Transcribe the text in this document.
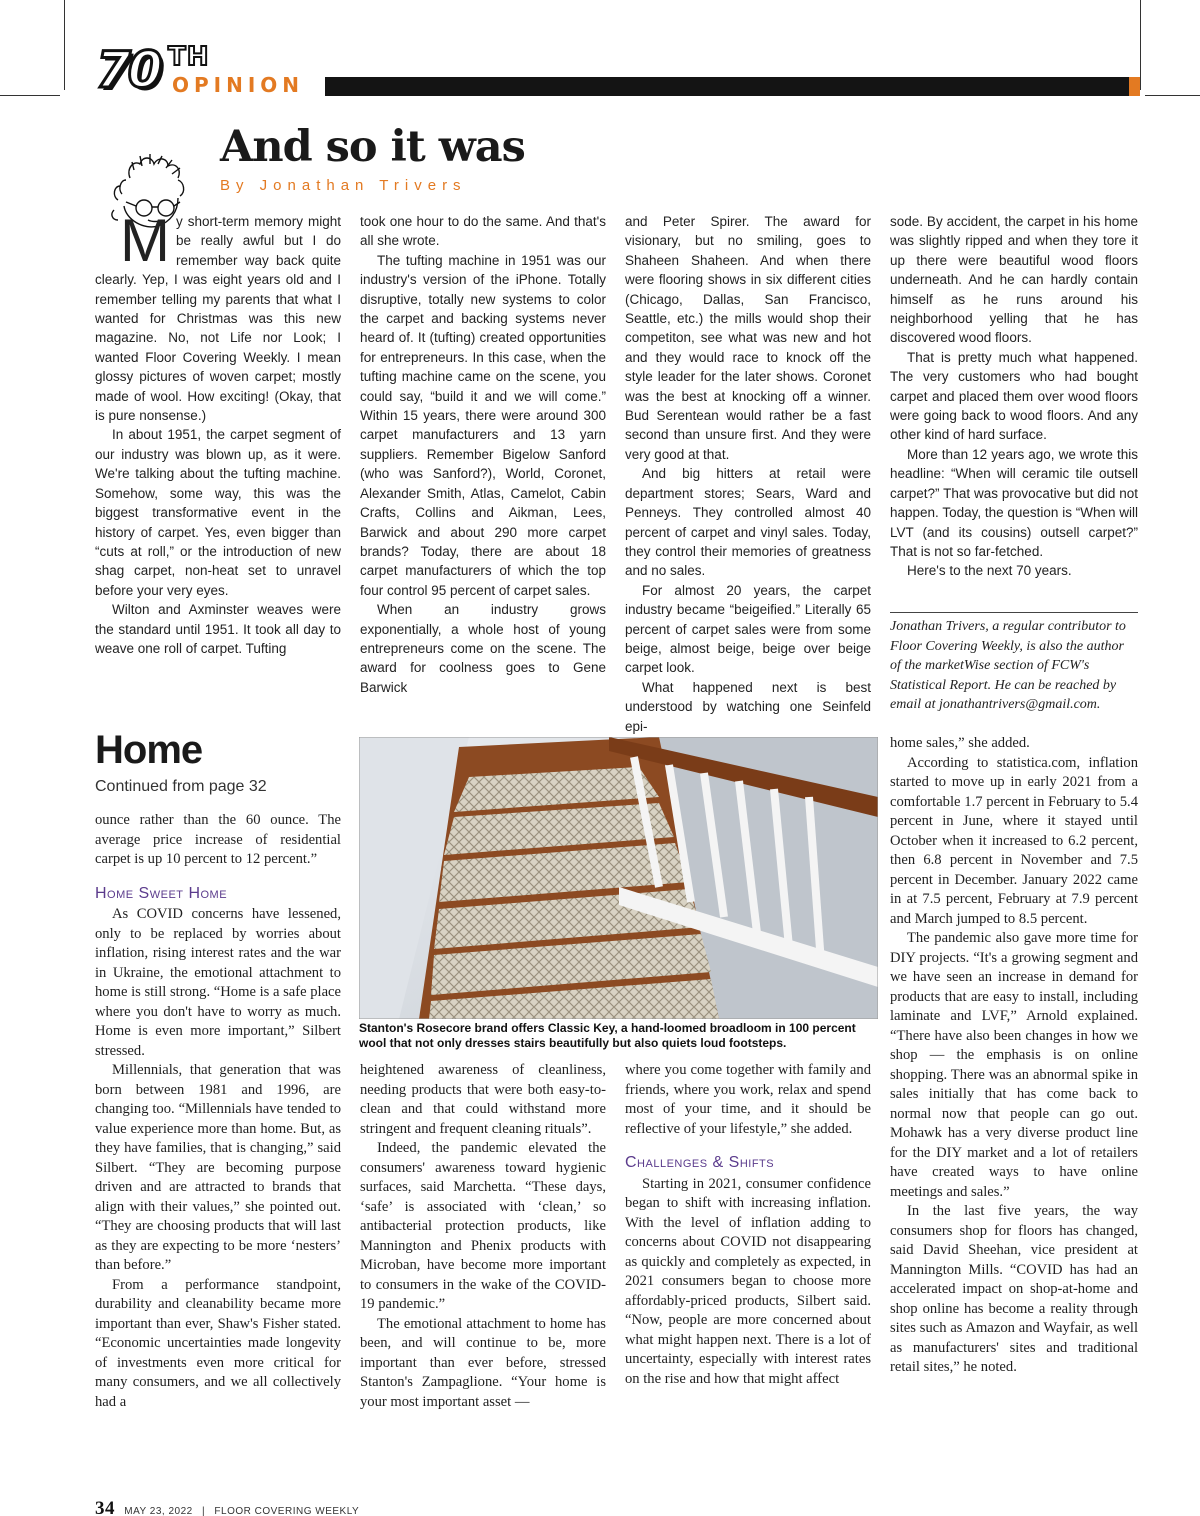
70 TH
OPINION
And so it was
By Jonathan Trivers
My short-term memory might be really awful but I do remember way back quite clearly. Yep, I was eight years old and I remember telling my parents that what I wanted for Christmas was this new magazine. No, not Life nor Look; I wanted Floor Covering Weekly. I mean glossy pictures of woven carpet; mostly made of wool. How exciting! (Okay, that is pure nonsense.)

In about 1951, the carpet segment of our industry was blown up, as it were. We're talking about the tufting machine. Somehow, some way, this was the biggest transformative event in the history of carpet. Yes, even bigger than “cuts at roll,” or the introduction of new shag carpet, non-heat set to unravel before your very eyes.

Wilton and Axminster weaves were the standard until 1951. It took all day to weave one roll of carpet. Tufting

took one hour to do the same. And that's all she wrote.

The tufting machine in 1951 was our industry's version of the iPhone. Totally disruptive, totally new systems to color the carpet and backing systems never heard of. It (tufting) created opportunities for entrepreneurs. In this case, when the tufting machine came on the scene, you could say, “build it and we will come.” Within 15 years, there were around 300 carpet manufacturers and 13 yarn suppliers. Remember Bigelow Sanford (who was Sanford?), World, Coronet, Alexander Smith, Atlas, Camelot, Cabin Crafts, Collins and Aikman, Lees, Barwick and about 290 more carpet brands? Today, there are about 18 carpet manufacturers of which the top four control 95 percent of carpet sales.

When an industry grows exponentially, a whole host of young entrepreneurs come on the scene. The award for coolness goes to Gene Barwick

and Peter Spirer. The award for visionary, but no smiling, goes to Shaheen Shaheen. And when there were flooring shows in six different cities (Chicago, Dallas, San Francisco, Seattle, etc.) the mills would shop their competiton, see what was new and hot and they would race to knock off the style leader for the later shows. Coronet was the best at knocking off a winner. Bud Serentean would rather be a fast second than unsure first. And they were very good at that.

And big hitters at retail were department stores; Sears, Ward and Penneys. They controlled almost 40 percent of carpet and vinyl sales. Today, they control their memories of greatness and no sales.

For almost 20 years, the carpet industry became “beigeified.” Literally 65 percent of carpet sales were from some beige, almost beige, beige over beige carpet look.

What happened next is best understood by watching one Seinfeld epi-

sode. By accident, the carpet in his home was slightly ripped and when they tore it up there were beautiful wood floors underneath. And he can hardly contain himself as he runs around his neighborhood yelling that he has discovered wood floors.

That is pretty much what happened. The very customers who had bought carpet and placed them over wood floors were going back to wood floors. And any other kind of hard surface.

More than 12 years ago, we wrote this headline: “When will ceramic tile outsell carpet?” That was provocative but did not happen. Today, the question is “When will LVT (and its cousins) outsell carpet?” That is not so far-fetched.

Here's to the next 70 years.

Jonathan Trivers, a regular contributor to Floor Covering Weekly, is also the author of the marketWise section of FCW's Statistical Report. He can be reached by email at jonathantrivers@gmail.com.
Home
Continued from page 32

ounce rather than the 60 ounce. The average price increase of residential carpet is up 10 percent to 12 percent.”

Home Sweet Home

As COVID concerns have lessened, only to be replaced by worries about inflation, rising interest rates and the war in Ukraine, the emotional attachment to home is still strong. “Home is a safe place where you don't have to worry as much. Home is even more important,” Silbert stressed.

Millennials, that generation that was born between 1981 and 1996, are changing too. “Millennials have tended to value experience more than home. But, as they have families, that is changing,” said Silbert. “They are becoming purpose driven and are attracted to brands that align with their values,” she pointed out. “They are choosing products that will last as they are expecting to be more ‘nesters’ than before.”

From a performance standpoint, durability and cleanability became more important than ever, Shaw's Fisher stated. “Economic uncertainties made longevity of investments even more critical for many consumers, and we all collectively had a

Stanton's Rosecore brand offers Classic Key, a hand-loomed broadloom in 100 percent wool that not only dresses stairs beautifully but also quiets loud footsteps.

heightened awareness of cleanliness, needing products that were both easy-to-clean and that could withstand more stringent and frequent cleaning rituals”.

Indeed, the pandemic elevated the consumers' awareness toward hygienic surfaces, said Marchetta. “These days, ‘safe’ is associated with ‘clean,’ so antibacterial protection products, like Mannington and Phenix products with Microban, have become more important to consumers in the wake of the COVID-19 pandemic.”

The emotional attachment to home has been, and will continue to be, more important than ever before, stressed Stanton's Zampaglione. “Your home is your most important asset —

where you come together with family and friends, where you work, relax and spend most of your time, and it should be reflective of your lifestyle,” she added.

Challenges & Shifts

Starting in 2021, consumer confidence began to shift with increasing inflation. With the level of inflation adding to concerns about COVID not disappearing as quickly and completely as expected, in 2021 consumers began to choose more affordably-priced products, Silbert said. “Now, people are more concerned about what might happen next. There is a lot of uncertainty, especially with interest rates on the rise and how that might affect

home sales,” she added.

According to statistica.com, inflation started to move up in early 2021 from a comfortable 1.7 percent in February to 5.4 percent in June, where it stayed until October when it increased to 6.2 percent, then 6.8 percent in November and 7.5 percent in December. January 2022 came in at 7.5 percent, February at 7.9 percent and March jumped to 8.5 percent.

The pandemic also gave more time for DIY projects. “It's a growing segment and we have seen an increase in demand for products that are easy to install, including laminate and LVF,” Arnold explained. “There have also been changes in how we shop — the emphasis is on online shopping. There was an abnormal spike in sales initially that has come back to normal now that people can go out. Mohawk has a very diverse product line for the DIY market and a lot of retailers have created ways to have online meetings and sales.”

In the last five years, the way consumers shop for floors has changed, said David Sheehan, vice president at Mannington Mills. “COVID has had an accelerated impact on shop-at-home and shop online has become a reality through sites such as Amazon and Wayfair, as well as manufacturers' sites and traditional retail sites,” he noted.

34 MAY 23, 2022 | FLOOR COVERING WEEKLY
